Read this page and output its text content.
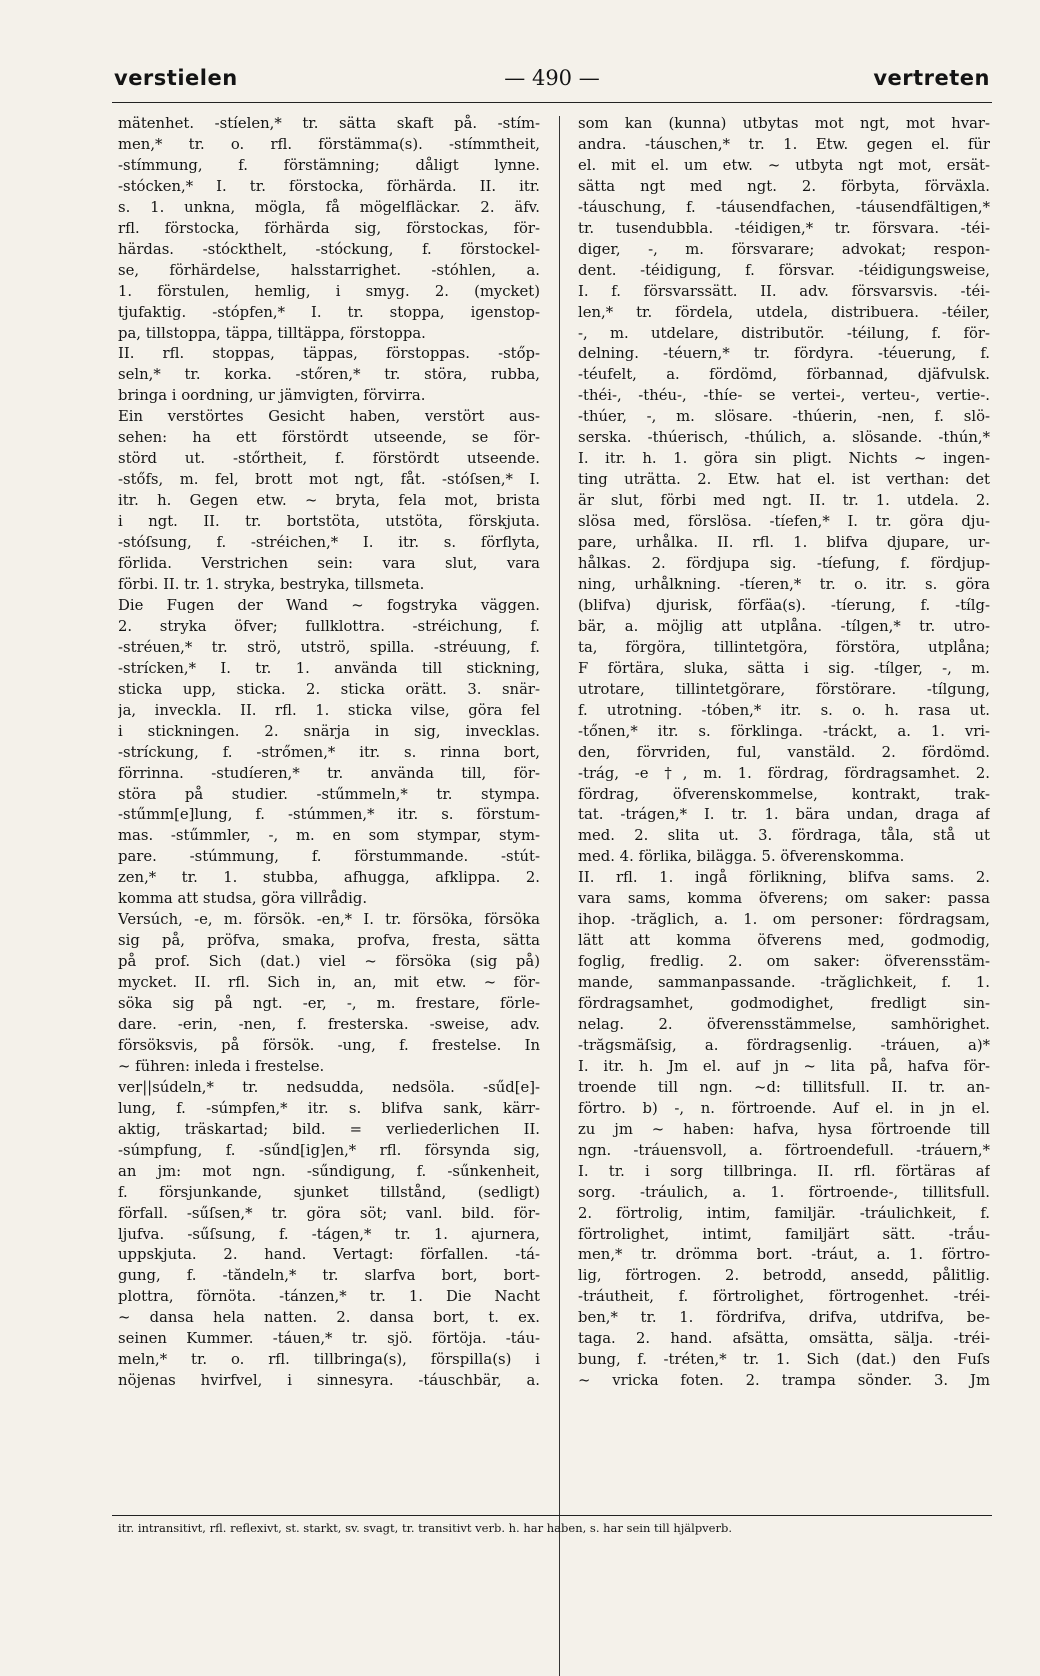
verstielen	— 490 —	vertreten
mätenhet. -stíelen,* tr. sätta skaft på. -stím-
men,* tr. o. rfl. förstämma(s). -stímmtheit,
-stímmung, f. förstämning; dåligt lynne.
-stócken,* I. tr. förstocka, förhärda. II. itr.
s. 1. unkna, mögla, få mögelfläckar. 2. äfv.
rfl. förstocka, förhärda sig, förstockas, för-
härdas. -stóckthelt, -stóckung, f. förstockel-
se, förhärdelse, halsstarrighet. -stóhlen, a.
1. förstulen, hemlig, i smyg. 2. (mycket)
tjufaktig. -stópfen,* I. tr. stoppa, igenstop-
pa, tillstoppa, täppa, tilltäppa, förstoppa.
II. rfl. stoppas, täppas, förstoppas. -stőp-
seln,* tr. korka. -stőren,* tr. störa, rubba,
bringa i oordning, ur jämvigten, förvirra.
Ein verstörtes Gesicht haben, verstört aus-
sehen: ha ett förstördt utseende, se för-
störd ut. -stőrtheit, f. förstördt utseende.
-stőfs, m. fel, brott mot ngt, fåt. -stóſsen,* I.
itr. h. Gegen etw. ~ bryta, fela mot, brista
i ngt. II. tr. bortstöta, utstöta, förskjuta.
-stóſsung, f. -stréichen,* I. itr. s. förflyta,
förlida. Verstrichen sein: vara slut, vara
förbi. II. tr. 1. stryka, bestryka, tillsmeta.
Die Fugen der Wand ~ fogstryka väggen.
2. stryka öfver; fullklottra. -stréichung, f.
-stréuen,* tr. strö, utströ, spilla. -stréuung, f.
-strícken,* I. tr. 1. använda till stickning,
sticka upp, sticka. 2. sticka orätt. 3. snär-
ja, inveckla. II. rfl. 1. sticka vilse, göra fel
i stickningen. 2. snärja in sig, invecklas.
-stríckung, f. -strőmen,* itr. s. rinna bort,
förrinna. -studíeren,* tr. använda till, för-
störa på studier. -stűmmeln,* tr. stympa.
-stűmm[e]lung, f. -stúmmen,* itr. s. förstum-
mas. -stűmmler, -, m. en som stympar, stym-
pare. -stúmmung, f. förstummande. -stút-
zen,* tr. 1. stubba, afhugga, afklippa. 2.
komma att studsa, göra villrådig.
Versúch, -e, m. försök. -en,* I. tr. försöka, försöka
sig på, pröfva, smaka, profva, fresta, sätta
på prof. Sich (dat.) viel ~ försöka (sig på)
mycket. II. rfl. Sich in, an, mit etw. ~ för-
söka sig på ngt. -er, -, m. frestare, förle-
dare. -erin, -nen, f. fresterska. -sweise, adv.
försöksvis, på försök. -ung, f. frestelse. In
~ führen: inleda i frestelse.
ver||súdeln,* tr. nedsudda, nedsöla. -sűd[e]-
lung, f. -súmpfen,* itr. s. blifva sank, kärr-
aktig, träskartad; bild. = verliederlichen II.
-súmpfung, f. -sűnd[ig]en,* rfl. försynda sig,
an jm: mot ngn. -sűndigung, f. -sűnkenheit,
f. försjunkande, sjunket tillstånd, (sedligt)
förfall. -sűſsen,* tr. göra söt; vanl. bild. för-
ljufva. -sűſsung, f. -tágen,* tr. 1. ajurnera,
uppskjuta. 2. hand. Vertagt: förfallen. -tá-
gung, f. -tăndeln,* tr. slarfva bort, bort-
plottra, förnöta. -tánzen,* tr. 1. Die Nacht
~ dansa hela natten. 2. dansa bort, t. ex.
seinen Kummer. -táuen,* tr. sjö. förtöja. -táu-
meln,* tr. o. rfl. tillbringa(s), förspilla(s) i
nöjenas hvirfvel, i sinnesyra. -táuschbär, a.
som kan (kunna) utbytas mot ngt, mot hvar-
andra. -táuschen,* tr. 1. Etw. gegen el. für
el. mit el. um etw. ~ utbyta ngt mot, ersät-
sätta ngt med ngt. 2. förbyta, förväxla.
-táuschung, f. -táusendfachen, -táusendfältigen,*
tr. tusendubbla. -téidigen,* tr. försvara. -téi-
diger, -, m. försvarare; advokat; respon-
dent. -téidigung, f. försvar. -téidigungsweise,
I. f. försvarssätt. II. adv. försvarsvis. -téi-
len,* tr. fördela, utdela, distribuera. -téiler,
-, m. utdelare, distributör. -téilung, f. för-
delning. -téuern,* tr. fördyra. -téuerung, f.
-téufelt, a. fördömd, förbannad, djäfvulsk.
-théi-, -théu-, -thíe- se vertei-, verteu-, vertie-.
-thúer, -, m. slösare. -thúerin, -nen, f. slö-
serska. -thúerisch, -thúlich, a. slösande. -thún,*
I. itr. h. 1. göra sin pligt. Nichts ~ ingen-
ting uträtta. 2. Etw. hat el. ist verthan: det
är slut, förbi med ngt. II. tr. 1. utdela. 2.
slösa med, förslösa. -tíefen,* I. tr. göra dju-
pare, urhålka. II. rfl. 1. blifva djupare, ur-
hålkas. 2. fördjupa sig. -tíefung, f. fördjup-
ning, urhålkning. -tíeren,* tr. o. itr. s. göra
(blifva) djurisk, förfäa(s). -tíerung, f. -tílg-
bär, a. möjlig att utplåna. -tílgen,* tr. utro-
ta, förgöra, tillintetgöra, förstöra, utplåna;
F förtära, sluka, sätta i sig. -tílger, -, m.
utrotare, tillintetgörare, förstörare. -tílgung,
f. utrotning. -tóben,* itr. s. o. h. rasa ut.
-tőnen,* itr. s. förklinga. -tráckt, a. 1. vri-
den, förvriden, ful, vanstäld. 2. fördömd.
-trág, -e †, m. 1. fördrag, fördragsamhet. 2.
fördrag, öfverenskommelse, kontrakt, trak-
tat. -trágen,* I. tr. 1. bära undan, draga af
med. 2. slita ut. 3. fördraga, tåla, stå ut
med. 4. förlika, bilägga. 5. öfverenskomma.
II. rfl. 1. ingå förlikning, blifva sams. 2.
vara sams, komma öfverens; om saker: passa
ihop. -trăglich, a. 1. om personer: fördragsam,
lätt att komma öfverens med, godmodig,
foglig, fredlig. 2. om saker: öfverensstäm-
mande, sammanpassande. -trăglichkeit, f. 1.
fördragsamhet, godmodighet, fredligt sin-
nelag. 2. öfverensstämmelse, samhörighet.
-trăgsmäſsig, a. fördragsenlig. -tráuen, a)*
I. itr. h. Jm el. auf jn ~ lita på, hafva för-
troende till ngn. ~d: tillitsfull. II. tr. an-
förtro. b) -, n. förtroende. Auf el. in jn el.
zu jm ~ haben: hafva, hysa förtroende till
ngn. -tráuensvoll, a. förtroendefull. -tráuern,*
I. tr. i sorg tillbringa. II. rfl. förtäras af
sorg. -tráulich, a. 1. förtroende-, tillitsfull.
2. förtrolig, intim, familjär. -tráulichkeit, f.
förtrolighet, intimt, familjärt sätt. -trắu-
men,* tr. drömma bort. -tráut, a. 1. förtro-
lig, förtrogen. 2. betrodd, ansedd, pålitlig.
-tráutheit, f. förtrolighet, förtrogenhet. -tréi-
ben,* tr. 1. fördrifva, drifva, utdrifva, be-
taga. 2. hand. afsätta, omsätta, sälja. -tréi-
bung, f. -tréten,* tr. 1. Sich (dat.) den Fuſs
~ vricka foten. 2. trampa sönder. 3. Jm
itr. intransitivt, rfl. reflexivt, st. starkt, sv. svagt, tr. transitivt verb. h. har haben, s. har sein till hjälpverb.
